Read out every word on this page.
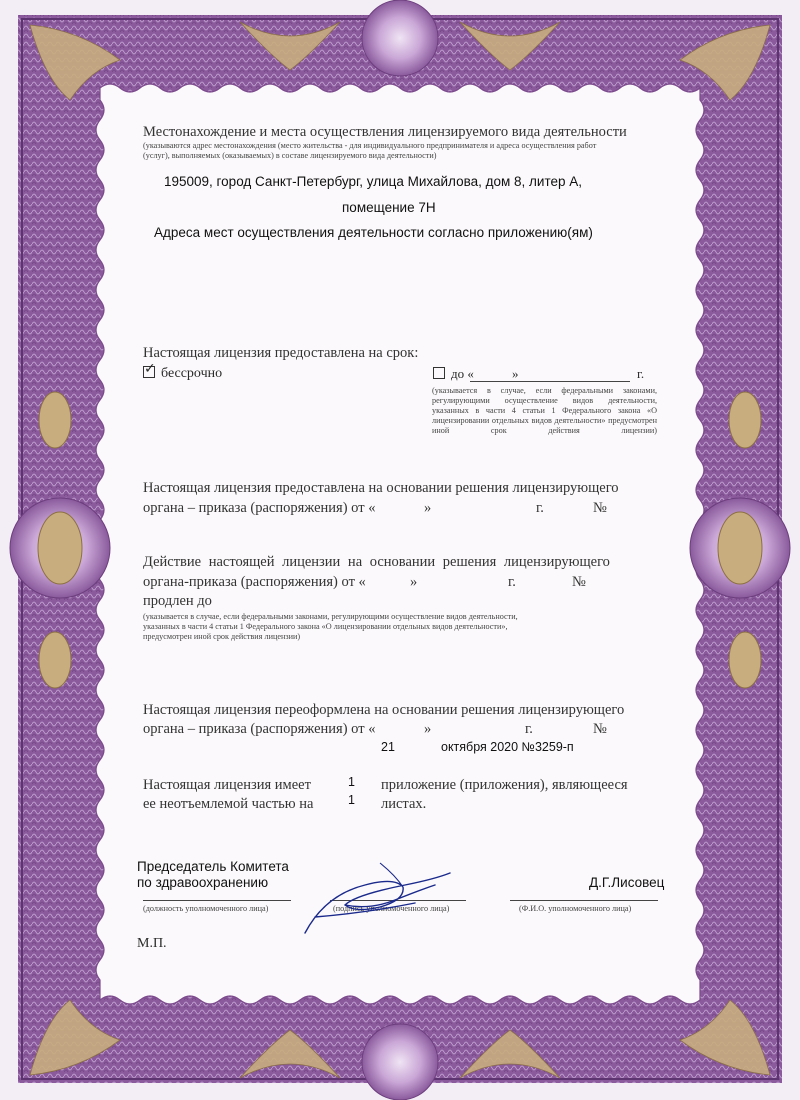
Местонахождение и места осуществления лицензируемого вида деятельности
(указываются адрес местонахождения (место жительства - для индивидуального предпринимателя и адреса осуществления работ
(услуг), выполняемых (оказываемых) в составе лицензируемого вида деятельности)
195009, город Санкт-Петербург, улица Михайлова, дом 8, литер А,
помещение 7Н
Адреса мест осуществления деятельности согласно приложению(ям)
Настоящая лицензия предоставлена на срок:
✓бессрочно	до «	»	г.
(указывается в случае, если федеральными законами, регулирующими осуществление видов деятельности, указанных в части 4 статьи 1 Федерального закона «О лицензировании отдельных видов деятельности» предусмотрен иной срок действия лицензии)
Настоящая лицензия предоставлена на основании решения лицензирующего
органа – приказа (распоряжения) от «	»	г.	№
Действие настоящей лицензии на основании решения лицензирующего
органа-приказа (распоряжения) от «	»	г.	№
продлен до
(указывается в случае, если федеральными законами, регулирующими осуществление видов деятельности, указанных в части 4 статьи 1 Федерального закона «О лицензировании отдельных видов деятельности», предусмотрен иной срок действия лицензии)
Настоящая лицензия переоформлена на основании решения лицензирующего
органа – приказа (распоряжения) от «	»	г.	№
21	октября 2020 №3259-п
Настоящая лицензия имеет	1 приложение (приложения), являющееся
ее неотъемлемой частью на	1 листах.
Председатель Комитета
по здравоохранению	Д.Г.Лисовец
(должность уполномоченного лица)	(подпись уполномоченного лица)	(Ф.И.О. уполномоченного лица)
М.П.
